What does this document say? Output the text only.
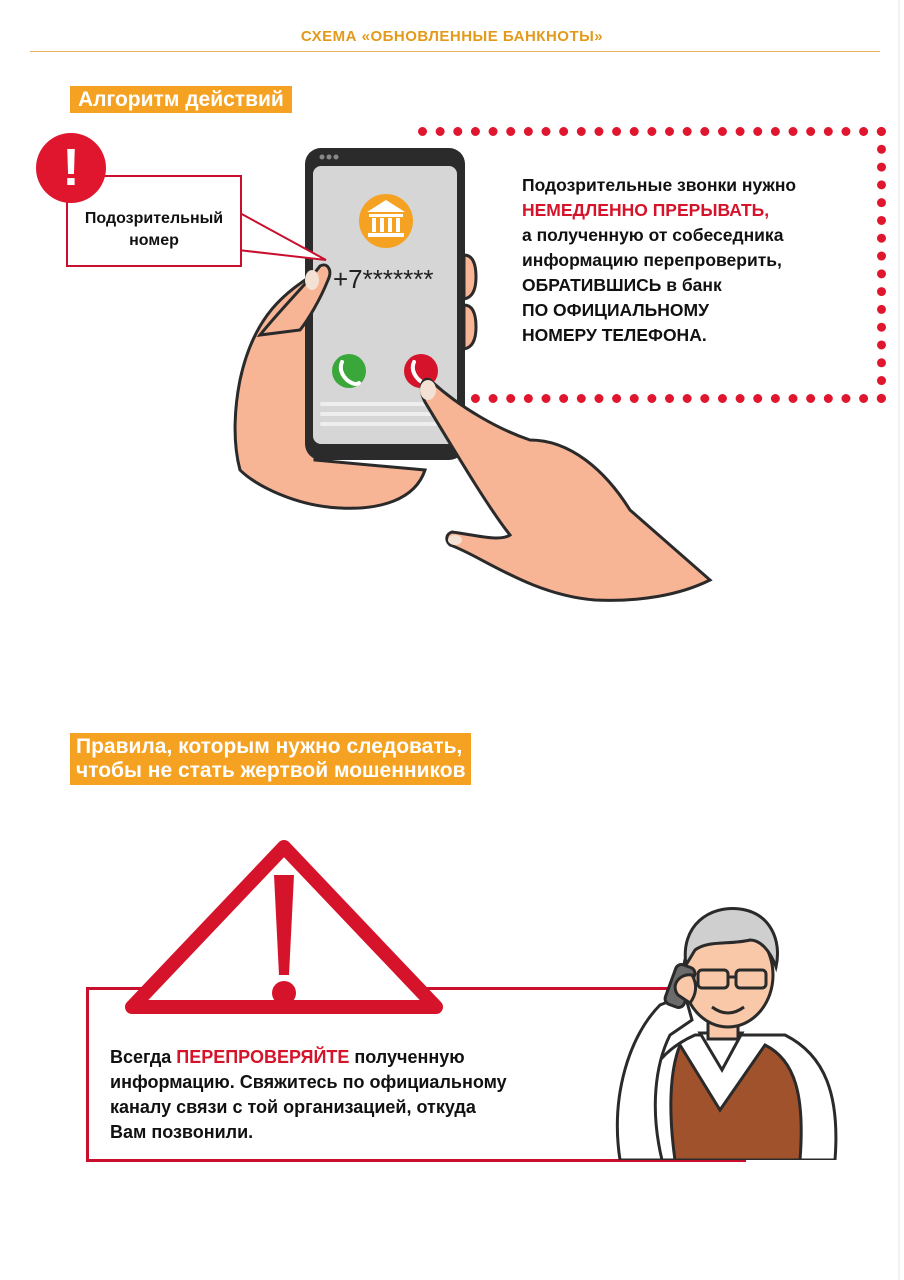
СХЕМА «ОБНОВЛЕННЫЕ БАНКНОТЫ»
Алгоритм действий
Подозрительные звонки нужно
НЕМЕДЛЕННО ПРЕРЫВАТЬ,
а полученную от собеседника
информацию перепроверить,
ОБРАТИВШИСЬ в банк
ПО ОФИЦИАЛЬНОМУ
НОМЕРУ ТЕЛЕФОНА.
+7*******
Подозрительный
номер
!
Правила, которым нужно следовать,
чтобы не стать жертвой мошенников
Всегда ПЕРЕПРОВЕРЯЙТЕ полученную
информацию. Свяжитесь по официальному
каналу связи с той организацией, откуда
Вам позвонили.
